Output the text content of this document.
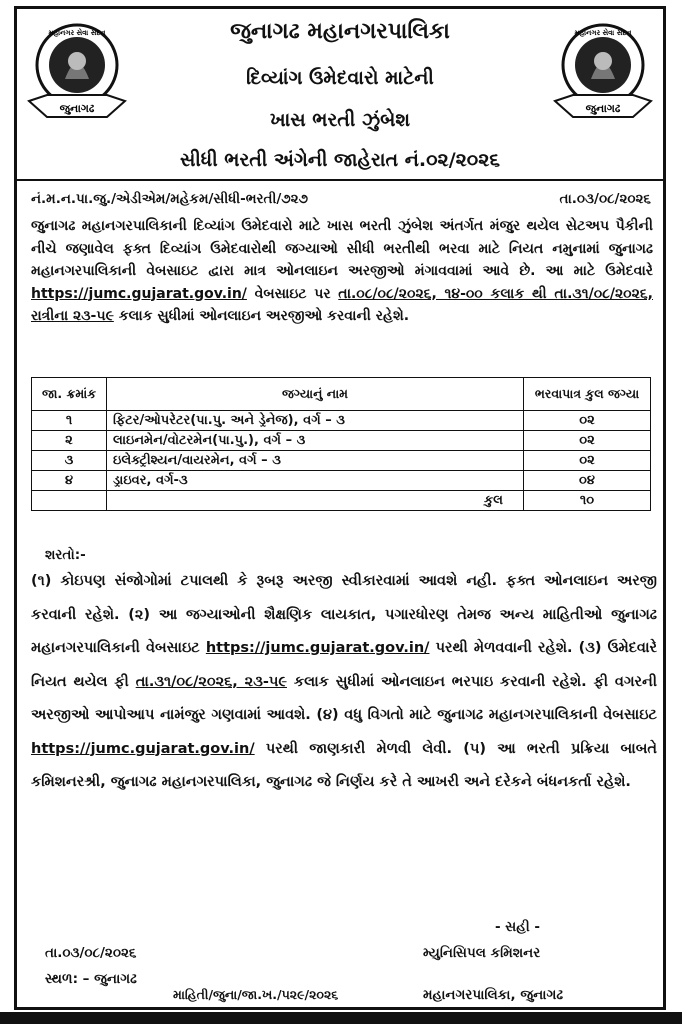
જુનાગઢ
મહાનગર સેવા સદન
જુનાગઢ
મહાનગર સેવા સદન
જુનાગઢ મહાનગરપાલિકા
દિવ્યાંગ ઉમેદવારો માટેની
ખાસ ભરતી ઝુંબેશ
સીધી ભરતી અંગેની જાહેરાત નં.૦૨/૨૦૨૬
નં.મ.ન.પા.જુ./એડીએમ/મહેકમ/સીધી-ભરતી/૭૨૭	તા.૦૩/૦૮/૨૦૨૬
જુનાગઢ મહાનગરપાલિકાની દિવ્યાંગ ઉમેદવારો માટે ખાસ ભરતી ઝુંબેશ અંતર્ગત મંજુર થયેલ સેટઅપ પૈકીની નીચે જણાવેલ ફક્ત દિવ્યાંગ ઉમેદવારોથી જગ્યાઓ સીધી ભરતીથી ભરવા માટે નિયત નમુનામાં જુનાગઢ મહાનગરપાલિકાની વેબસાઇટ દ્વારા માત્ર ઓનલાઇન અરજીઓ મંગાવવામાં આવે છે. આ માટે ઉમેદવારે https://jumc.gujarat.gov.in/ વેબસાઇટ પર તા.૦૮/૦૮/૨૦૨૬, ૧૪-૦૦ કલાક થી તા.૩૧/૦૮/૨૦૨૬, રાત્રીના ૨૩-૫૯ કલાક સુધીમાં ઓનલાઇન અરજીઓ કરવાની રહેશે.
જા. ક્રમાંક	જગ્યાનું નામ	ભરવાપાત્ર કુલ જગ્યા
૧	ફિટર/ઓપરેટર(પા.પુ. અને ડ્રેનેજ), વર્ગ – ૩	૦૨
૨	લાઇનમેન/વોટરમેન(પા.પુ.), વર્ગ – ૩	૦૨
૩	ઇલેક્ટ્રીશ્યન/વાયરમેન, વર્ગ – ૩	૦૨
૪	ડ્રાઇવર, વર્ગ-૩	૦૪
	કુલ	૧૦
શરતો:-
(૧) કોઇપણ સંજોગોમાં ટપાલથી કે રૂબરૂ અરજી સ્વીકારવામાં આવશે નહી. ફક્ત ઓનલાઇન અરજી કરવાની રહેશે. (૨) આ જગ્યાઓની શૈક્ષણિક લાયકાત, પગારધોરણ તેમજ અન્ય માહિતીઓ જુનાગઢ મહાનગરપાલિકાની વેબસાઇટ https://jumc.gujarat.gov.in/ પરથી મેળવવાની રહેશે. (૩) ઉમેદવારે નિયત થયેલ ફી તા.૩૧/૦૮/૨૦૨૬, ૨૩-૫૯ કલાક સુધીમાં ઓનલાઇન ભરપાઇ કરવાની રહેશે. ફી વગરની અરજીઓ આપોઆપ નામંજુર ગણવામાં આવશે. (૪) વધુ વિગતો માટે જુનાગઢ મહાનગરપાલિકાની વેબસાઇટ https://jumc.gujarat.gov.in/ પરથી જાણકારી મેળવી લેવી. (૫) આ ભરતી પ્રક્રિયા બાબતે કમિશનરશ્રી, જુનાગઢ મહાનગરપાલિકા, જુનાગઢ જે નિર્ણય કરે તે આખરી અને દરેકને બંધનકર્તા રહેશે.
- સહી -
તા.૦૩/૦૮/૨૦૨૬	મ્યુનિસિપલ કમિશનર
સ્થળ: – જુનાગઢ
માહિતી/જુના/જા.ખ./૫૨૯/૨૦૨૬	મહાનગરપાલિકા, જુનાગઢ
